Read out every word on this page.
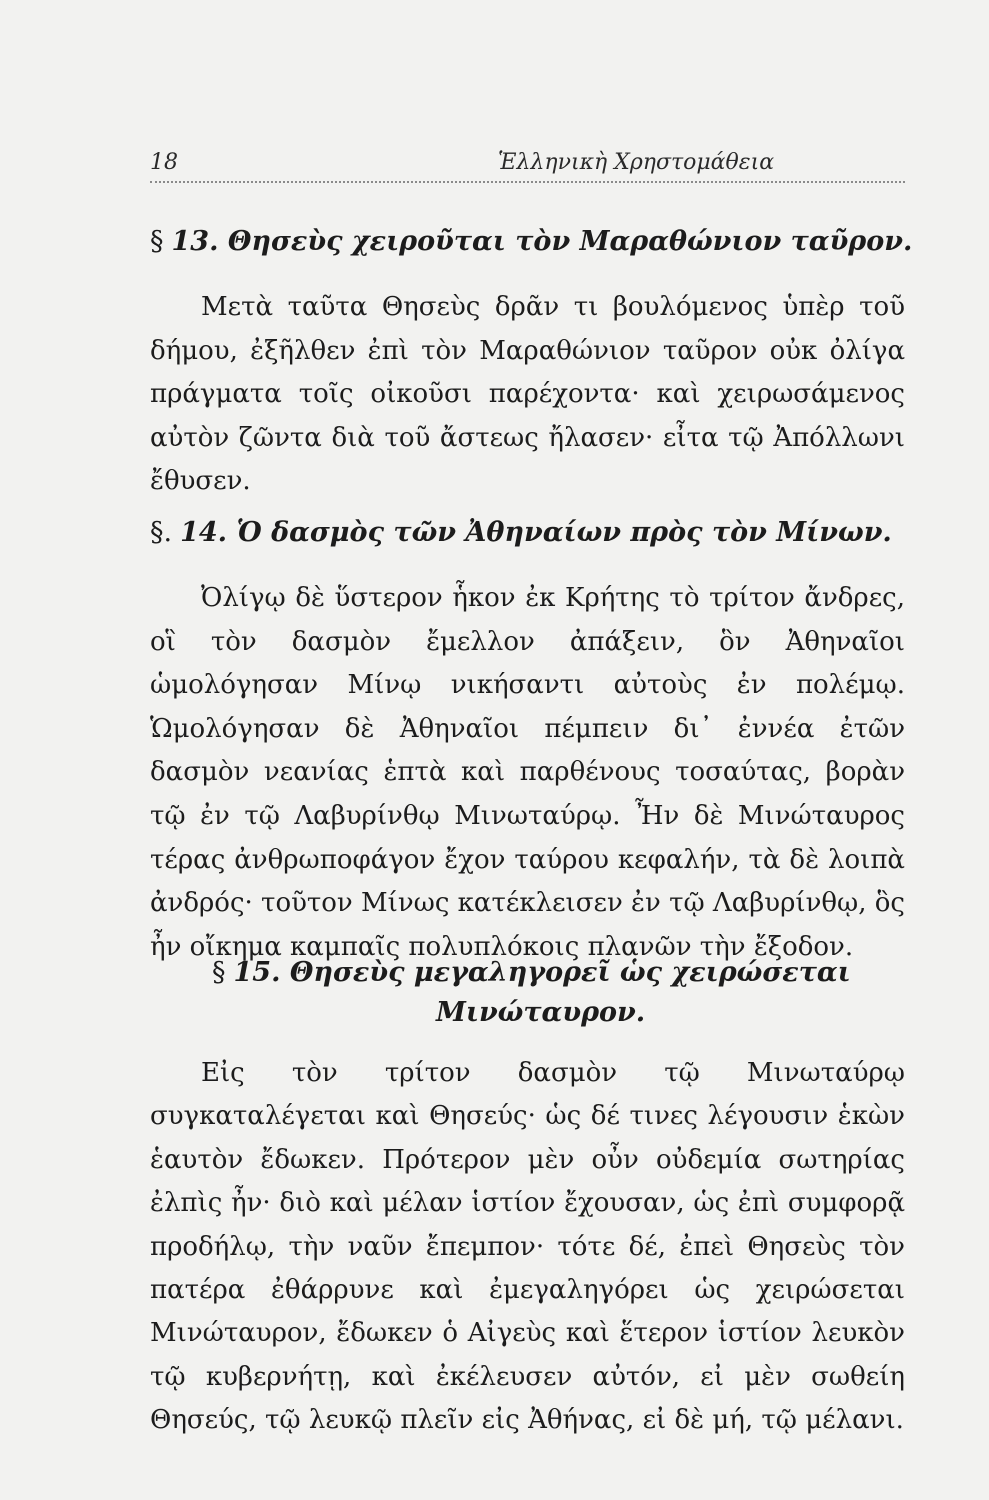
18	Ἑλληνικὴ Χρηστομάθεια
§ 13. Θησεὺς χειροῦται τὸν Μαραθώνιον ταῦρον.

Μετὰ ταῦτα Θησεὺς δρᾶν τι βουλόμενος ὑπὲρ τοῦ δήμου, ἐξῆλθεν ἐπὶ τὸν Μαραθώνιον ταῦρον οὐκ ὀλίγα πράγματα τοῖς οἰκοῦσι παρέχοντα· καὶ χειρωσάμενος αὐτὸν ζῶντα διὰ τοῦ ἄστεως ἤλασεν· εἶτα τῷ Ἀπόλλωνι ἔθυσεν.

§. 14. Ὁ δασμὸς τῶν Ἀθηναίων πρὸς τὸν Μίνων.

Ὀλίγῳ δὲ ὕστερον ἧκον ἐκ Κρήτης τὸ τρίτον ἄνδρες, οἳ τὸν δασμὸν ἔμελλον ἀπάξειν, ὃν Ἀθηναῖοι ὡμολόγησαν Μίνῳ νικήσαντι αὐτοὺς ἐν πολέμῳ. Ὡμολόγησαν δὲ Ἀθηναῖοι πέμπειν δι᾿ ἐννέα ἐτῶν δασμὸν νεανίας ἑπτὰ καὶ παρθένους τοσαύτας, βορὰν τῷ ἐν τῷ Λαβυρίνθῳ Μινωταύρῳ. Ἦν δὲ Μινώταυρος τέρας ἀνθρωποφάγον ἔχον ταύρου κεφαλήν, τὰ δὲ λοιπὰ ἀνδρός· τοῦτον Μίνως κατέκλεισεν ἐν τῷ Λαβυρίνθῳ, ὃς ἦν οἴκημα καμπαῖς πολυπλόκοις πλανῶν τὴν ἔξοδον.

§ 15. Θησεὺς μεγαληγορεῖ ὡς χειρώσεται
Μινώταυρον.

Εἰς τὸν τρίτον δασμὸν τῷ Μινωταύρῳ συγκαταλέγεται καὶ Θησεύς· ὡς δέ τινες λέγουσιν ἑκὼν ἑαυτὸν ἔδωκεν. Πρότερον μὲν οὖν οὐδεμία σωτηρίας ἐλπὶς ἦν· διὸ καὶ μέλαν ἱστίον ἔχουσαν, ὡς ἐπὶ συμφορᾷ προδήλῳ, τὴν ναῦν ἔπεμπον· τότε δέ, ἐπεὶ Θησεὺς τὸν πατέρα ἐθάρρυνε καὶ ἐμεγαληγόρει ὡς χειρώσεται Μινώταυρον, ἔδωκεν ὁ Αἰγεὺς καὶ ἕτερον ἱστίον λευκὸν τῷ κυβερνήτῃ, καὶ ἐκέλευσεν αὐτόν, εἰ μὲν σωθείη Θησεύς, τῷ λευκῷ πλεῖν εἰς Ἀθήνας, εἰ δὲ μή, τῷ μέλανι.
